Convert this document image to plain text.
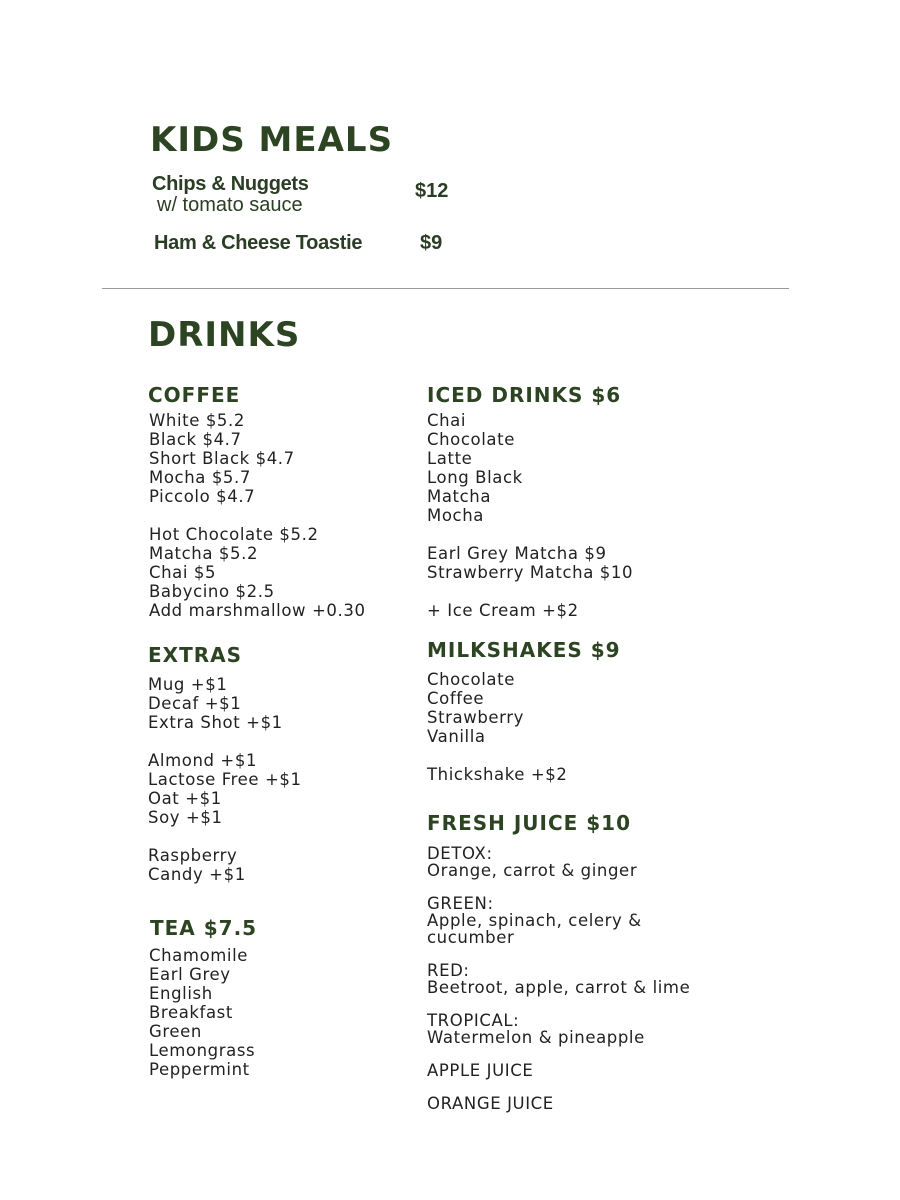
KIDS MEALS
Chips & Nuggets
w/ tomato sauce
$12
Ham & Cheese Toastie	$9
DRINKS
COFFEE
White $5.2
Black $4.7
Short Black $4.7
Mocha $5.7
Piccolo $4.7
Hot Chocolate $5.2
Matcha $5.2
Chai $5
Babycino $2.5
Add marshmallow +0.30
EXTRAS
Mug +$1
Decaf +$1
Extra Shot +$1
Almond +$1
Lactose Free +$1
Oat +$1
Soy +$1
Raspberry
Candy +$1
TEA $7.5
Chamomile
Earl Grey
English
Breakfast
Green
Lemongrass
Peppermint
ICED DRINKS $6
Chai
Chocolate
Latte
Long Black
Matcha
Mocha
Earl Grey Matcha $9
Strawberry Matcha $10
+ Ice Cream +$2
MILKSHAKES $9
Chocolate
Coffee
Strawberry
Vanilla
Thickshake +$2
FRESH JUICE $10
DETOX:
Orange, carrot & ginger
GREEN:
Apple, spinach, celery &
cucumber
RED:
Beetroot, apple, carrot & lime
TROPICAL:
Watermelon & pineapple
APPLE JUICE
ORANGE JUICE
